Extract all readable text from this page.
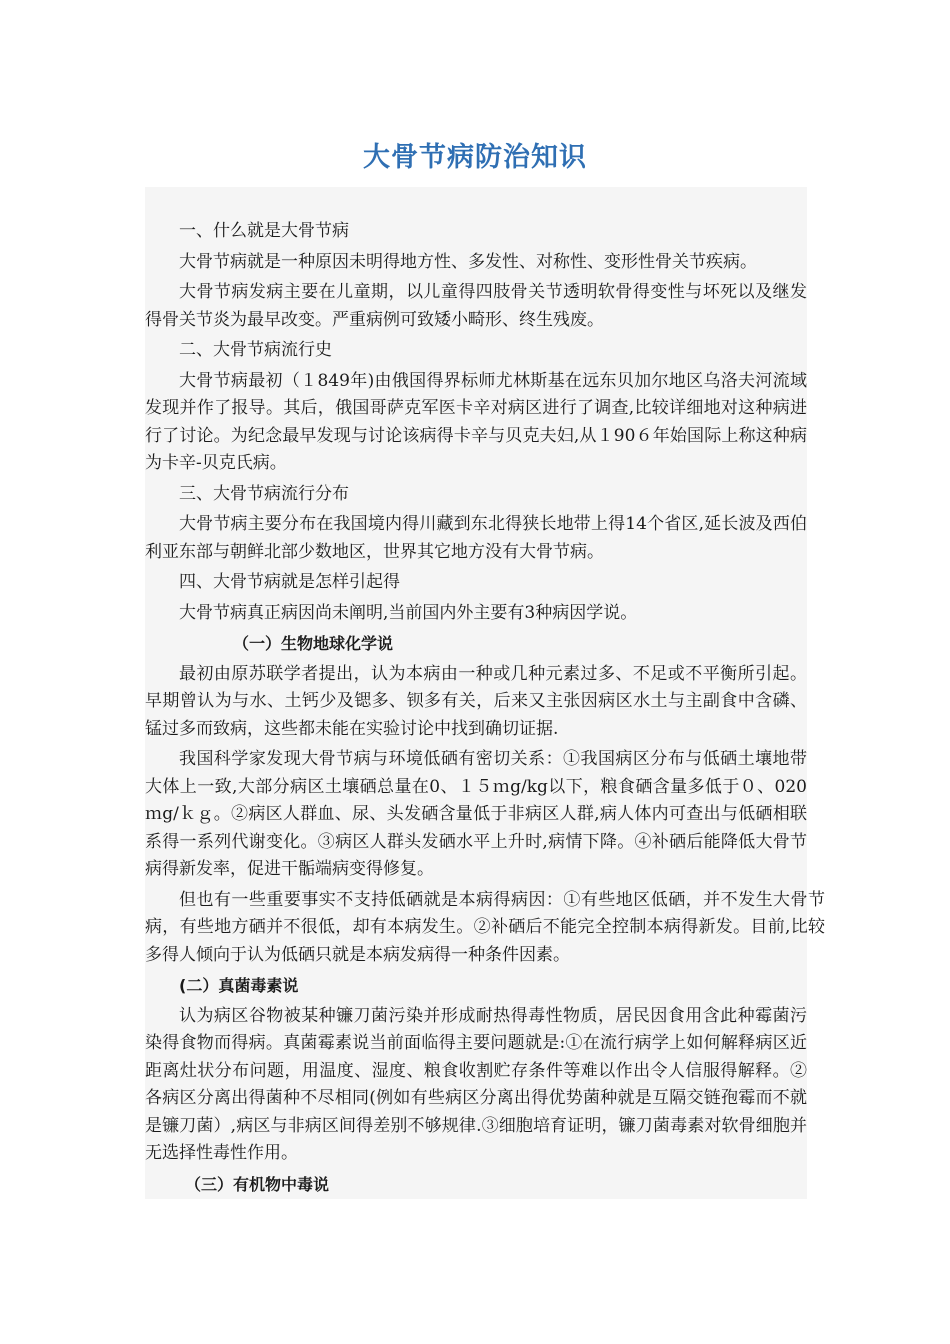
大骨节病防治知识

一、什么就是大骨节病

大骨节病就是一种原因未明得地方性、多发性、对称性、变形性骨关节疾病。

大骨节病发病主要在儿童期，以儿童得四肢骨关节透明软骨得变性与坏死以及继发得骨关节炎为最早改变。严重病例可致矮小畸形、终生残废。

二、大骨节病流行史

大骨节病最初（１849年)由俄国得界标师尤林斯基在远东贝加尔地区乌洛夫河流域发现并作了报导。其后，俄国哥萨克军医卡辛对病区进行了调查,比较详细地对这种病进行了讨论。为纪念最早发现与讨论该病得卡辛与贝克夫妇,从１90６年始国际上称这种病为卡辛-贝克氏病。

三、大骨节病流行分布

大骨节病主要分布在我国境内得川藏到东北得狭长地带上得14个省区,延长波及西伯利亚东部与朝鲜北部少数地区，世界其它地方没有大骨节病。

四、大骨节病就是怎样引起得

大骨节病真正病因尚未阐明,当前国内外主要有3种病因学说。

（一）生物地球化学说

最初由原苏联学者提出，认为本病由一种或几种元素过多、不足或不平衡所引起。早期曾认为与水、土钙少及锶多、钡多有关，后来又主张因病区水土与主副食中含磷、锰过多而致病，这些都未能在实验讨论中找到确切证据.

我国科学家发现大骨节病与环境低硒有密切关系：①我国病区分布与低硒土壤地带大体上一致,大部分病区土壤硒总量在0、１５ｍg/kg以下，粮食硒含量多低于０、020ｍg/ｋｇ。②病区人群血、尿、头发硒含量低于非病区人群,病人体内可查出与低硒相联系得一系列代谢变化。③病区人群头发硒水平上升时,病情下降。④补硒后能降低大骨节病得新发率，促进干骺端病变得修复。

但也有一些重要事实不支持低硒就是本病得病因：①有些地区低硒，并不发生大骨节病，有些地方硒并不很低，却有本病发生。②补硒后不能完全控制本病得新发。目前,比较多得人倾向于认为低硒只就是本病发病得一种条件因素。

(二）真菌毒素说

认为病区谷物被某种镰刀菌污染并形成耐热得毒性物质，居民因食用含此种霉菌污染得食物而得病。真菌霉素说当前面临得主要问题就是:①在流行病学上如何解释病区近距离灶状分布问题，用温度、湿度、粮食收割贮存条件等难以作出令人信服得解释。②各病区分离出得菌种不尽相同(例如有些病区分离出得优势菌种就是互隔交链孢霉而不就是镰刀菌）,病区与非病区间得差别不够规律.③细胞培育证明，镰刀菌毒素对软骨细胞并无选择性毒性作用。

（三）有机物中毒说
